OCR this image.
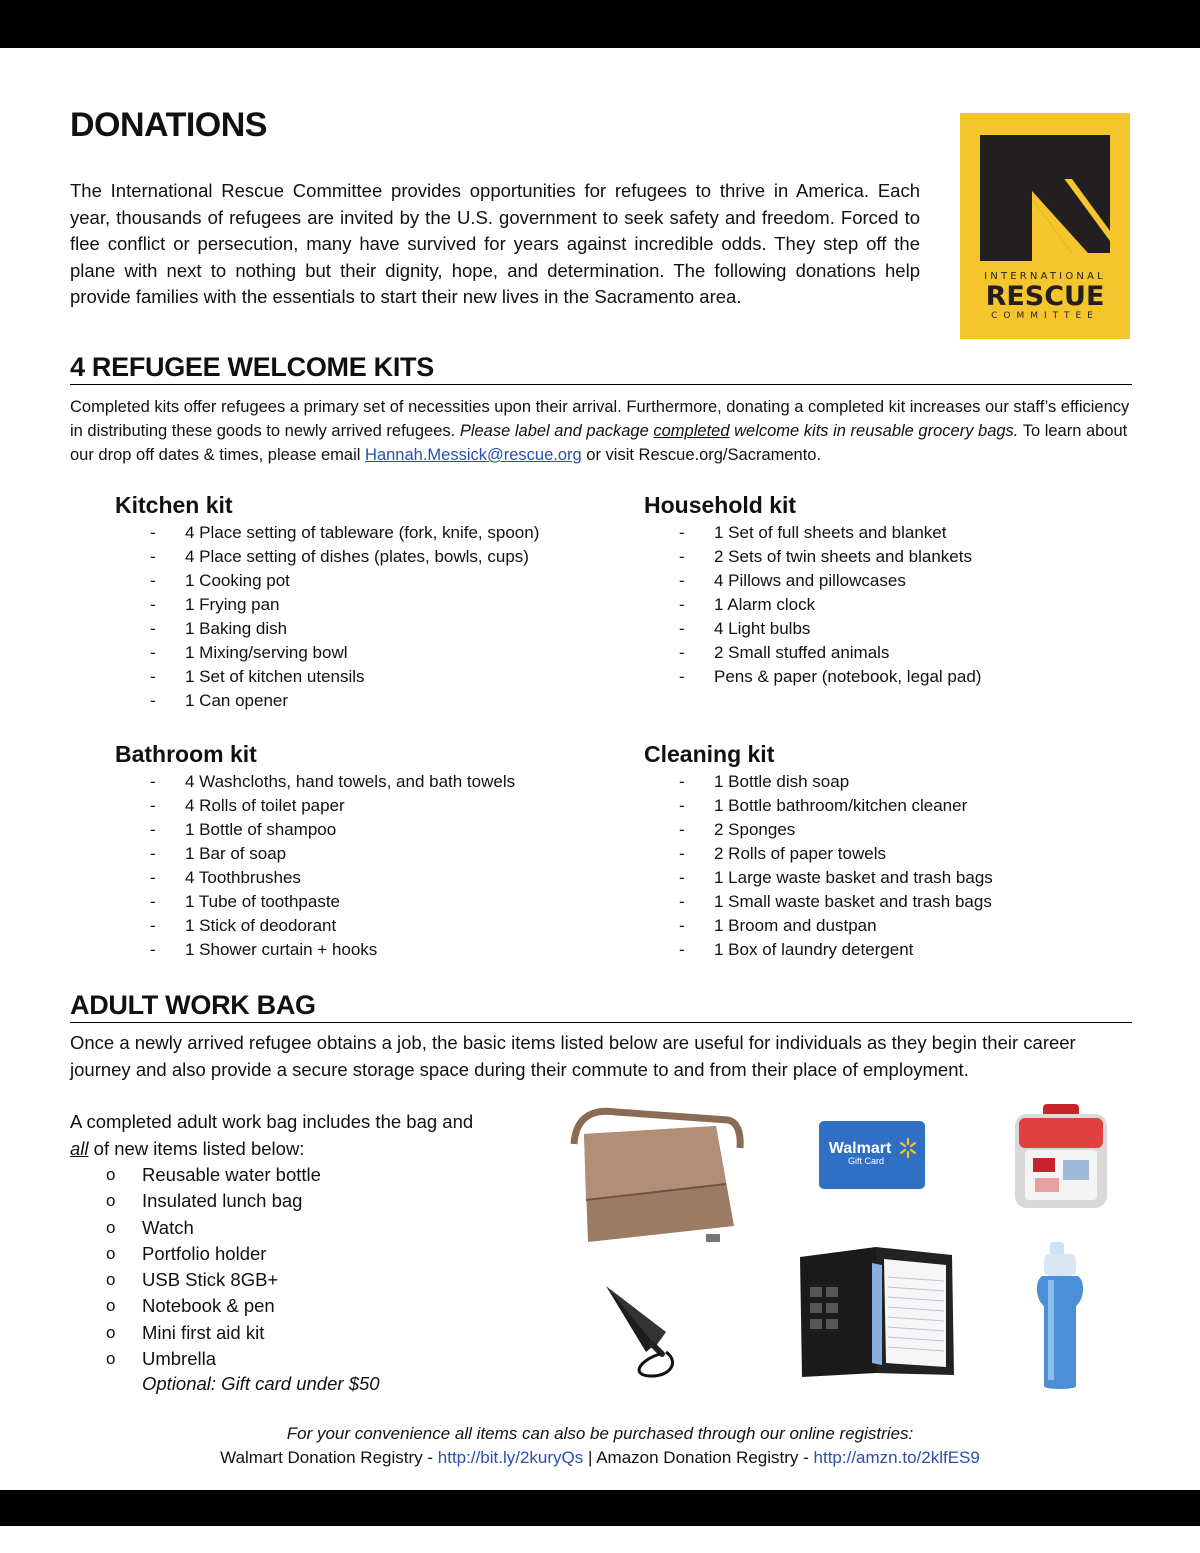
DONATIONS

The International Rescue Committee provides opportunities for refugees to thrive in America. Each year, thousands of refugees are invited by the U.S. government to seek safety and freedom. Forced to flee conflict or persecution, many have survived for years against incredible odds. They step off the plane with next to nothing but their dignity, hope, and determination. The following donations help provide families with the essentials to start their new lives in the Sacramento area.

INTERNATIONAL
RESCUE
COMMITTEE
4 REFUGEE WELCOME KITS

Completed kits offer refugees a primary set of necessities upon their arrival. Furthermore, donating a completed kit increases our staff’s efficiency in distributing these goods to newly arrived refugees. Please label and package completed welcome kits in reusable grocery bags. To learn about our drop off dates & times, please email Hannah.Messick@rescue.org or visit Rescue.org/Sacramento.

Kitchen kit
- 4 Place setting of tableware (fork, knife, spoon)
- 4 Place setting of dishes (plates, bowls, cups)
- 1 Cooking pot
- 1 Frying pan
- 1 Baking dish
- 1 Mixing/serving bowl
- 1 Set of kitchen utensils
- 1 Can opener
Household kit
- 1 Set of full sheets and blanket
- 2 Sets of twin sheets and blankets
- 4 Pillows and pillowcases
- 1 Alarm clock
- 4 Light bulbs
- 2 Small stuffed animals
- Pens & paper (notebook, legal pad)
Bathroom kit
- 4 Washcloths, hand towels, and bath towels
- 4 Rolls of toilet paper
- 1 Bottle of shampoo
- 1 Bar of soap
- 4 Toothbrushes
- 1 Tube of toothpaste
- 1 Stick of deodorant
- 1 Shower curtain + hooks
Cleaning kit
- 1 Bottle dish soap
- 1 Bottle bathroom/kitchen cleaner
- 2 Sponges
- 2 Rolls of paper towels
- 1 Large waste basket and trash bags
- 1 Small waste basket and trash bags
- 1 Broom and dustpan
- 1 Box of laundry detergent
ADULT WORK BAG

Once a newly arrived refugee obtains a job, the basic items listed below are useful for individuals as they begin their career journey and also provide a secure storage space during their commute to and from their place of employment.

A completed adult work bag includes the bag and all of new items listed below:

o Reusable water bottle
o Insulated lunch bag
o Watch
o Portfolio holder
o USB Stick 8GB+
o Notebook & pen
o Mini first aid kit
o Umbrella
Optional: Gift card under $50
Walmart
Gift Card
For your convenience all items can also be purchased through our online registries:
Walmart Donation Registry - http://bit.ly/2kuryQs | Amazon Donation Registry - http://amzn.to/2klfES9
